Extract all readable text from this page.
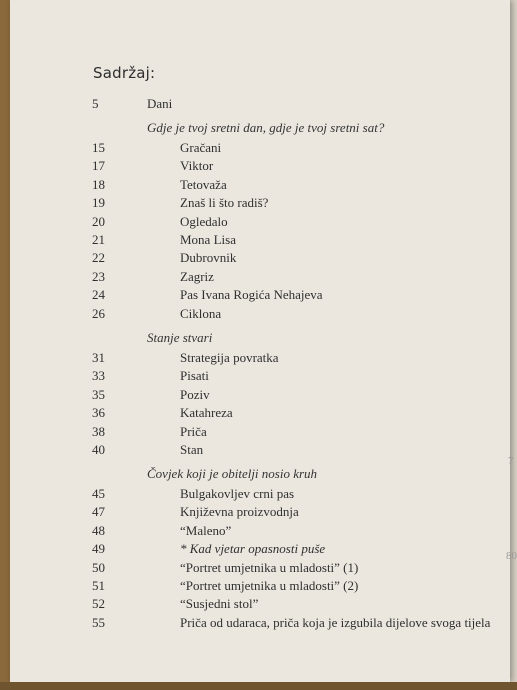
Sadržaj:
5	Dani
Gdje je tvoj sretni dan, gdje je tvoj sretni sat?
15	Gračani
17	Viktor
18	Tetovaža
19	Znaš li što radiš?
20	Ogledalo
21	Mona Lisa
22	Dubrovnik
23	Zagriz
24	Pas Ivana Rogića Nehajeva
26	Ciklona
Stanje stvari
31	Strategija povratka
33	Pisati
35	Poziv
36	Katahreza
38	Priča
40	Stan
Čovjek koji je obitelji nosio kruh
45	Bulgakovljev crni pas
47	Književna proizvodnja
48	“Maleno”
49	* Kad vjetar opasnosti puše
50	“Portret umjetnika u mladosti” (1)
51	“Portret umjetnika u mladosti” (2)
52	“Susjedni stol”
55	Priča od udaraca, priča koja je izgubila dijelove svoga tijela
7
80
